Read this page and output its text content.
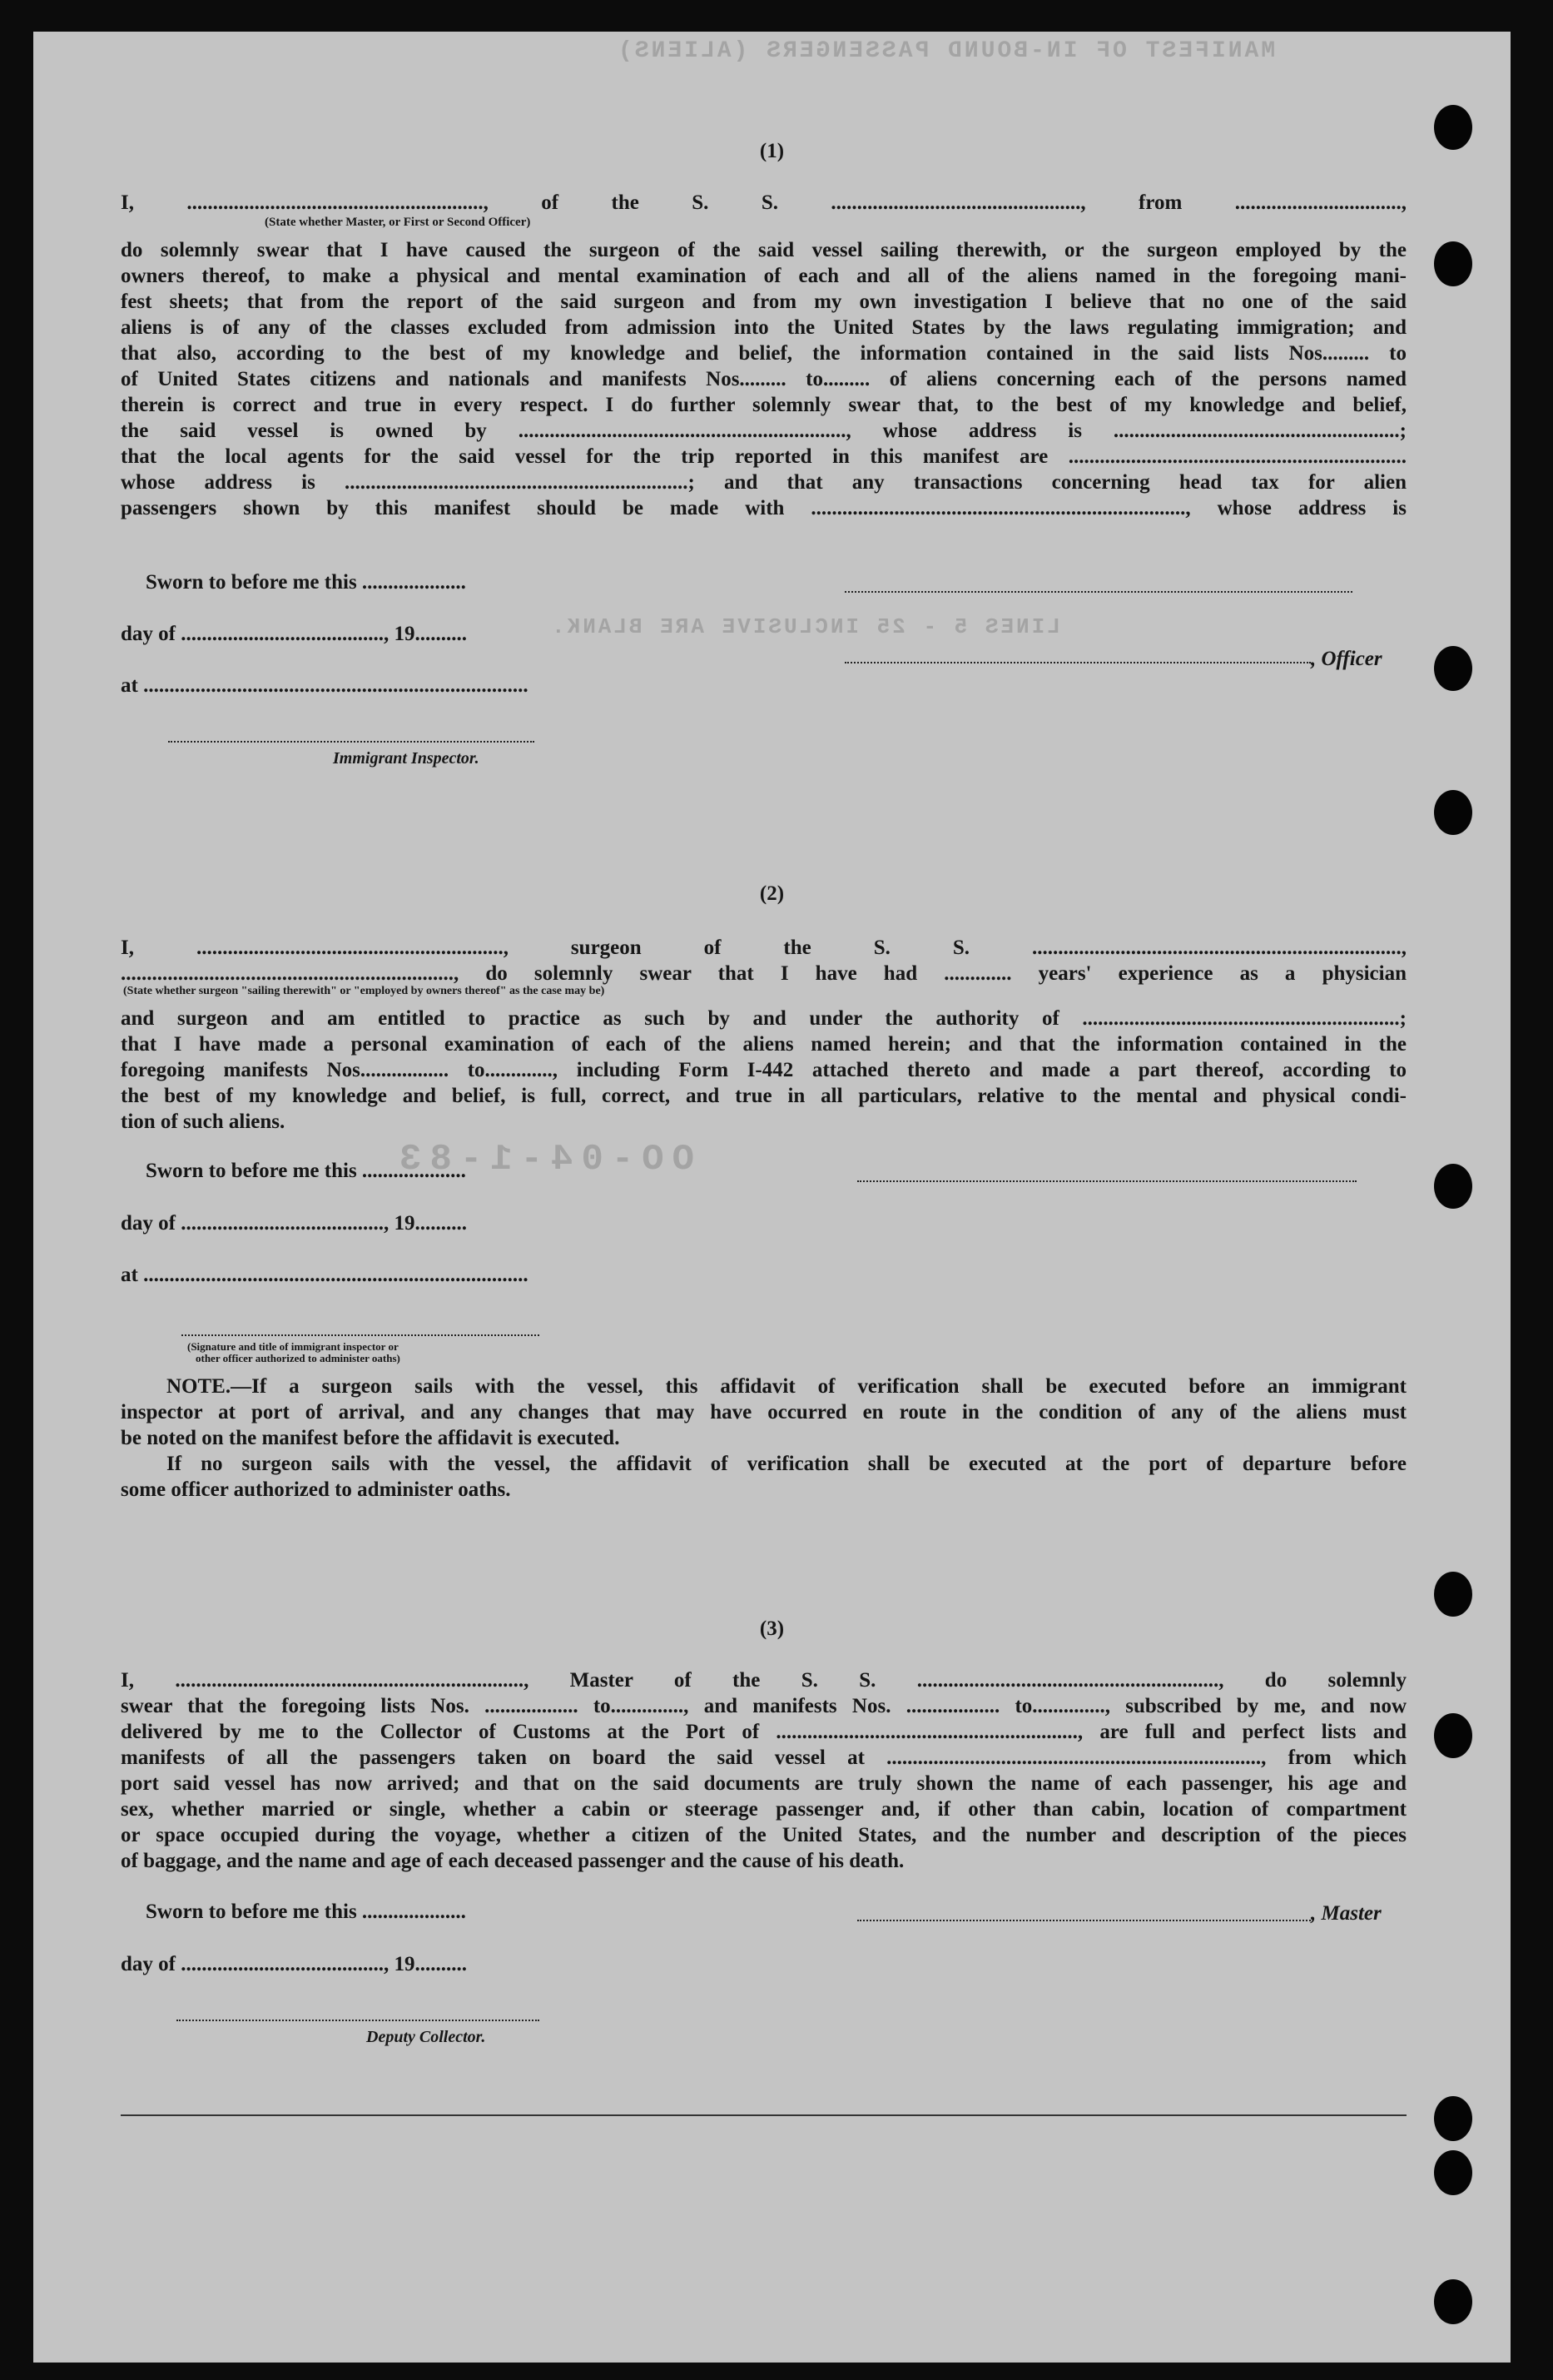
MANIFEST OF IN-BOUND PASSENGERS (ALIENS)
LINES 5 - 25 INCLUSIVE ARE BLANK.
OO-04-1-83
(1)
I, ........................................................., of the S. S. ................................................, from ................................,
(State whether Master, or First or Second Officer)
do solemnly swear that I have caused the surgeon of the said vessel sailing therewith, or the surgeon employed by the
owners thereof, to make a physical and mental examination of each and all of the aliens named in the foregoing mani-
fest sheets; that from the report of the said surgeon and from my own investigation I believe that no one of the said
aliens is of any of the classes excluded from admission into the United States by the laws regulating immigration; and
that also, according to the best of my knowledge and belief, the information contained in the said lists Nos......... to
of United States citizens and nationals and manifests Nos......... to......... of aliens concerning each of the persons named
therein is correct and true in every respect. I do further solemnly swear that, to the best of my knowledge and belief,
the said vessel is owned by ..............................................................., whose address is .......................................................;
that the local agents for the said vessel for the trip reported in this manifest are .................................................................
whose address is ..................................................................; and that any transactions concerning head tax for alien
passengers shown by this manifest should be made with ........................................................................, whose address is
Sworn to before me this ....................
day of ......................................., 19..........
, Officer
at ..........................................................................
Immigrant Inspector.
(2)
I, ..........................................................., surgeon of the S. S. .......................................................................,
................................................................, do solemnly swear that I have had ............. years' experience as a physician
(State whether surgeon "sailing therewith" or "employed by owners thereof" as the case may be)
and surgeon and am entitled to practice as such by and under the authority of .............................................................;
that I have made a personal examination of each of the aliens named herein; and that the information contained in the
foregoing manifests Nos................. to............., including Form I-442 attached thereto and made a part thereof, according to
the best of my knowledge and belief, is full, correct, and true in all particulars, relative to the mental and physical condi-
tion of such aliens.
Sworn to before me this ....................
day of ......................................., 19..........
at ..........................................................................
(Signature and title of immigrant inspector or
other officer authorized to administer oaths)
NOTE.—If a surgeon sails with the vessel, this affidavit of verification shall be executed before an immigrant
inspector at port of arrival, and any changes that may have occurred en route in the condition of any of the aliens must
be noted on the manifest before the affidavit is executed.
If no surgeon sails with the vessel, the affidavit of verification shall be executed at the port of departure before
some officer authorized to administer oaths.
(3)
I, ..................................................................., Master of the S. S. .........................................................., do solemnly
swear that the foregoing lists Nos. .................. to.............., and manifests Nos. .................. to.............., subscribed by me, and now
delivered by me to the Collector of Customs at the Port of .........................................................., are full and perfect lists and
manifests of all the passengers taken on board the said vessel at ........................................................................, from which
port said vessel has now arrived; and that on the said documents are truly shown the name of each passenger, his age and
sex, whether married or single, whether a cabin or steerage passenger and, if other than cabin, location of compartment
or space occupied during the voyage, whether a citizen of the United States, and the number and description of the pieces
of baggage, and the name and age of each deceased passenger and the cause of his death.
Sworn to before me this ....................	, Master
day of ......................................., 19..........
Deputy Collector.
